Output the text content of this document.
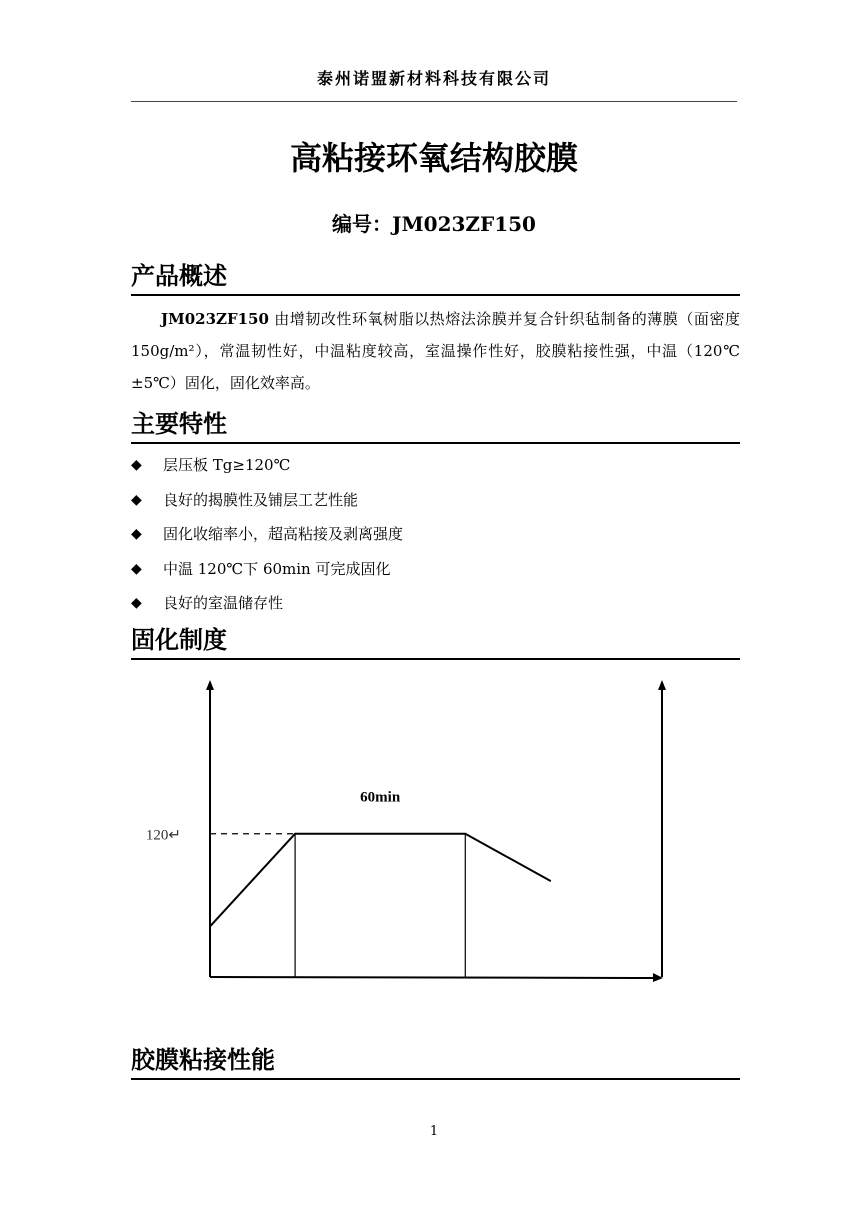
泰州诺盟新材料科技有限公司
高粘接环氧结构胶膜
编号：JM023ZF150
产品概述
JM023ZF150 由增韧改性环氧树脂以热熔法涂膜并复合针织毡制备的薄膜（面密度 150g/m²），常温韧性好，中温粘度较高，室温操作性好，胶膜粘接性强，中温（120℃±5℃）固化，固化效率高。
主要特性
◆	层压板 Tg≥120℃
◆	良好的揭膜性及铺层工艺性能
◆	固化收缩率小，超高粘接及剥离强度
◆	中温 120℃下 60min 可完成固化
◆	良好的室温储存性
固化制度
120↵
60min
胶膜粘接性能
1
